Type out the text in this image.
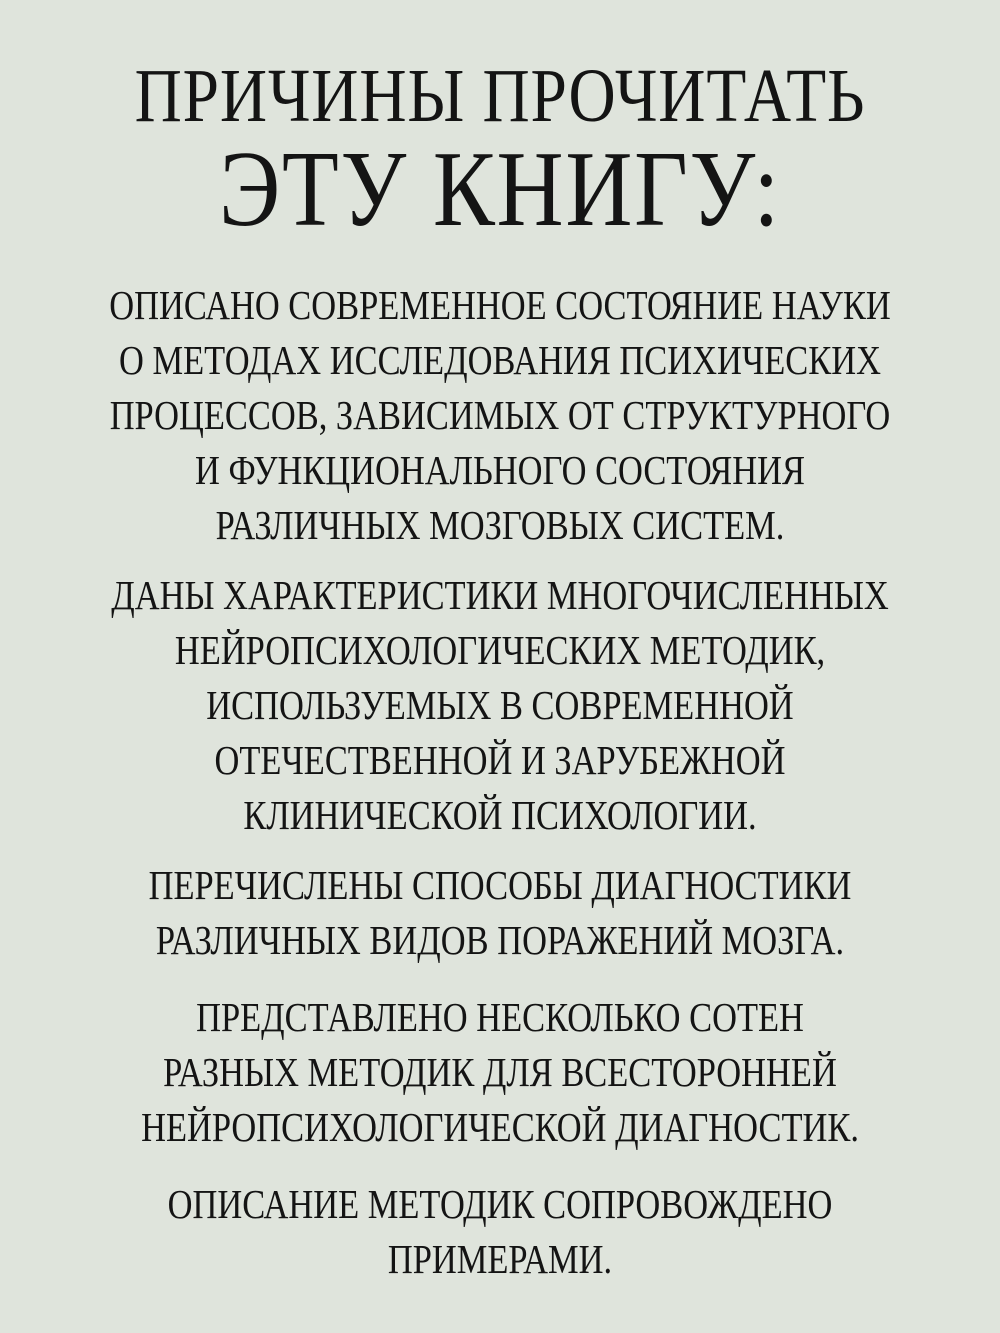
ПРИЧИНЫ ПРОЧИТАТЬ
ЭТУ КНИГУ:

ОПИСАНО СОВРЕМЕННОЕ СОСТОЯНИЕ НАУКИ
О МЕТОДАХ ИССЛЕДОВАНИЯ ПСИХИЧЕСКИХ
ПРОЦЕССОВ, ЗАВИСИМЫХ ОТ СТРУКТУРНОГО
И ФУНКЦИОНАЛЬНОГО СОСТОЯНИЯ
РАЗЛИЧНЫХ МОЗГОВЫХ СИСТЕМ.

ДАНЫ ХАРАКТЕРИСТИКИ МНОГОЧИСЛЕННЫХ
НЕЙРОПСИХОЛОГИЧЕСКИХ МЕТОДИК,
ИСПОЛЬЗУЕМЫХ В СОВРЕМЕННОЙ
ОТЕЧЕСТВЕННОЙ И ЗАРУБЕЖНОЙ
КЛИНИЧЕСКОЙ ПСИХОЛОГИИ.

ПЕРЕЧИСЛЕНЫ СПОСОБЫ ДИАГНОСТИКИ
РАЗЛИЧНЫХ ВИДОВ ПОРАЖЕНИЙ МОЗГА.

ПРЕДСТАВЛЕНО НЕСКОЛЬКО СОТЕН
РАЗНЫХ МЕТОДИК ДЛЯ ВСЕСТОРОННЕЙ
НЕЙРОПСИХОЛОГИЧЕСКОЙ ДИАГНОСТИК.

ОПИСАНИЕ МЕТОДИК СОПРОВОЖДЕНО
ПРИМЕРАМИ.
